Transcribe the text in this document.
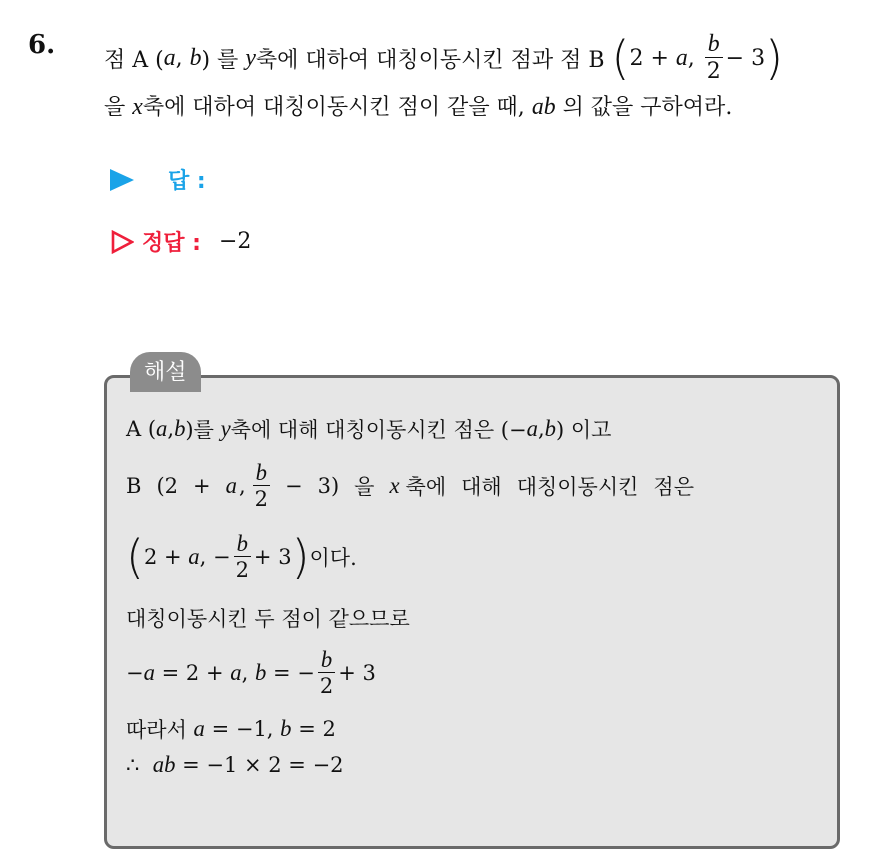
6. 점 A ( a ,
b ) 를
y 축에 대하여 대칭이동시킨 점과 점 B
( 2 +
a ,
$\frac{b}{2} - 3$ )
을 x축에 대하여 대칭이동시킨 점이 같을 때, ab 의 값을 구하여라.
답 :
정답 : −2
해설
A ( a , b )를
y 축에 대해 대칭이동시킨 점은 (− a , b ) 이고
B (2 + a , $\frac{b}{2} - 3$) 을 x 축에 대해 대칭이동시킨 점은
( 2 +
a , − $\frac{b}{2} + 3$ ) 이다.
대칭이동시킨 두 점이 같으므로
− a
= 2 +
a ,
b
= − $\frac{b}{2} + 3$
따라서
a
= −1,
b
= 2
∴
ab
= −1 × 2 = −2
